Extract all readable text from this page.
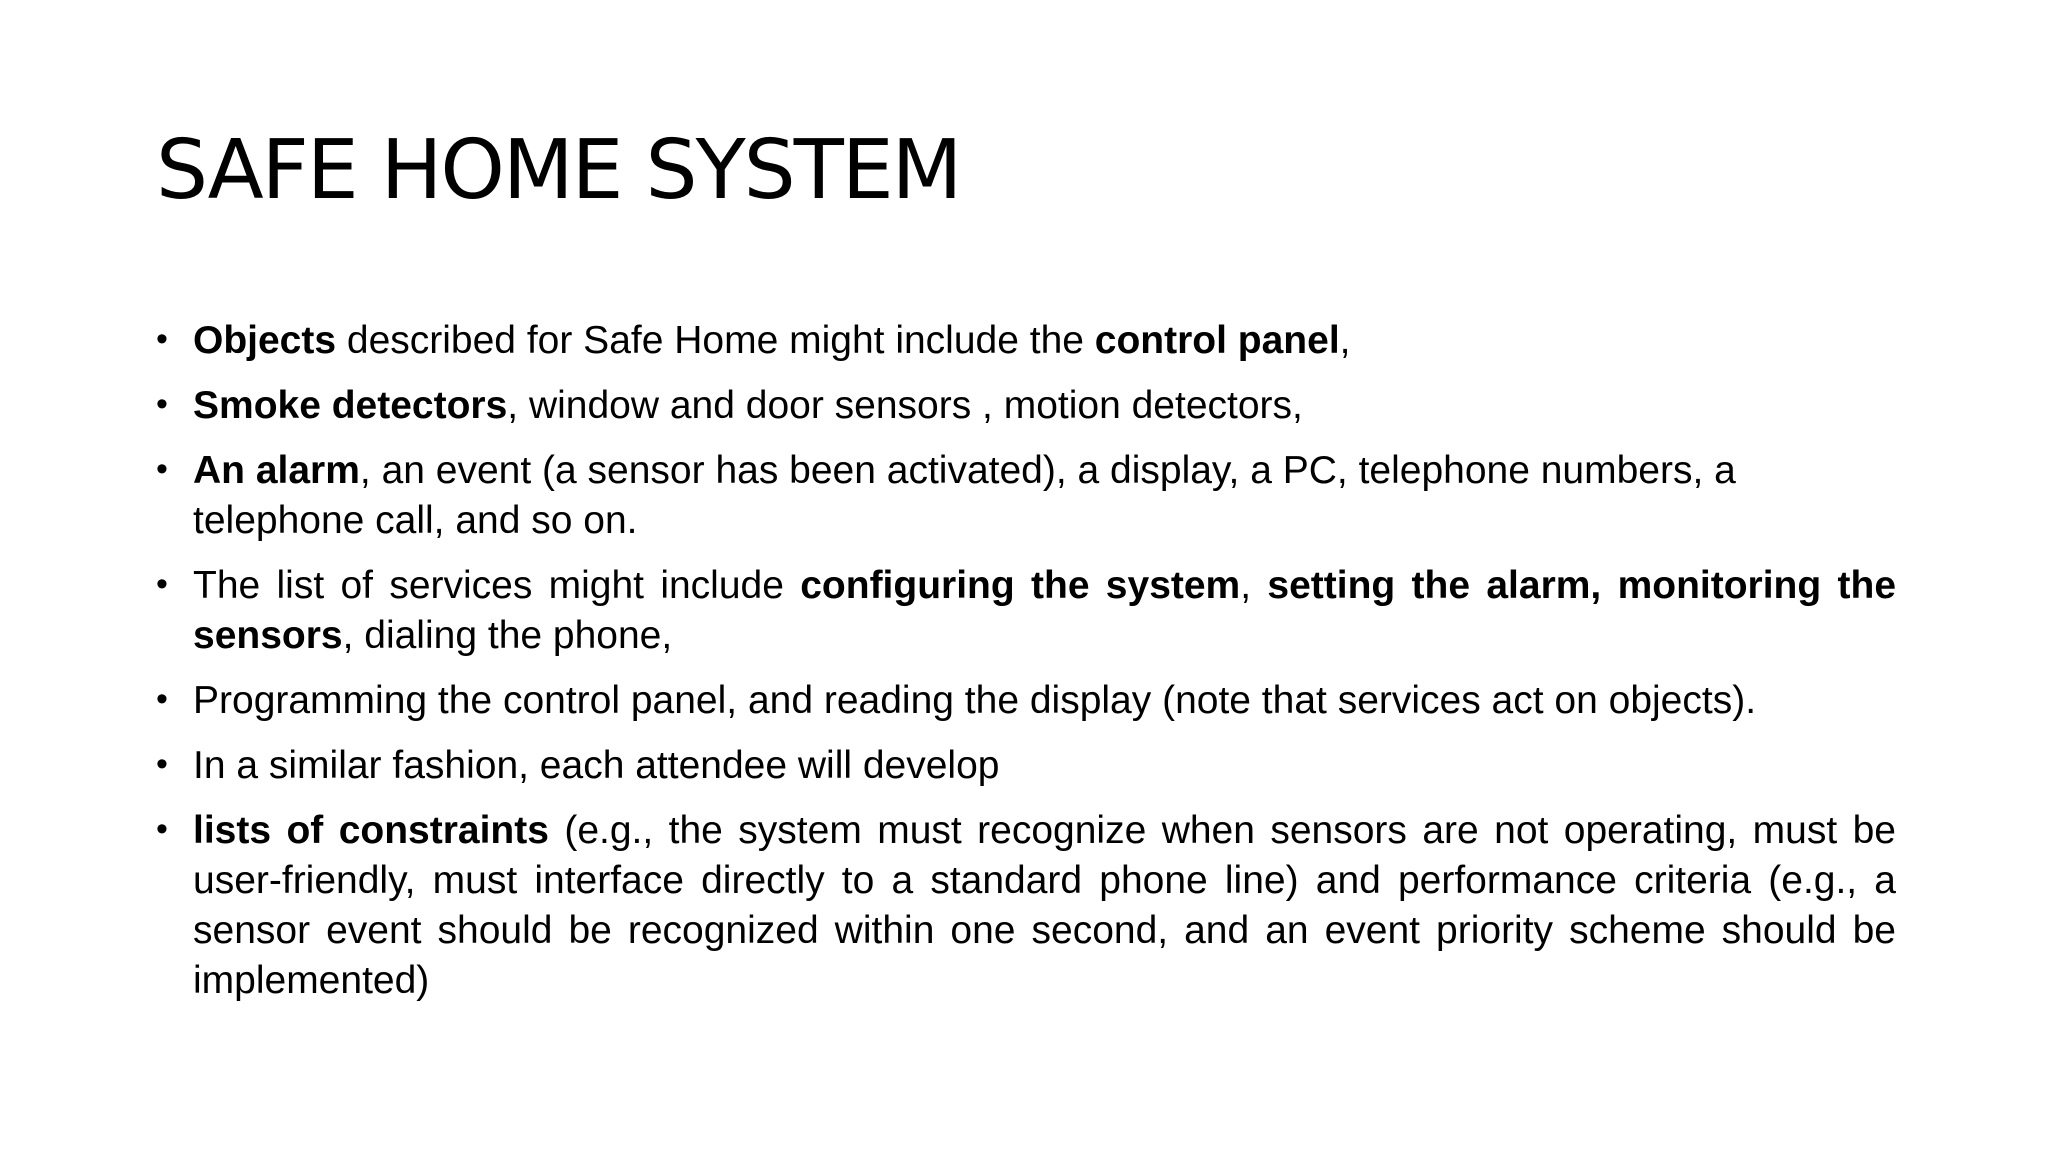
SAFE HOME SYSTEM
• Objects described for Safe Home might include the control panel,
• Smoke detectors, window and door sensors , motion detectors,
• An alarm, an event (a sensor has been activated), a display, a PC, telephone numbers, a telephone call, and so on.
• The list of services might include configuring the system, setting the alarm, monitoring the sensors, dialing the phone,
• Programming the control panel, and reading the display (note that services act on objects).
• In a similar fashion, each attendee will develop
• lists of constraints (e.g., the system must recognize when sensors are not operating, must be user-friendly, must interface directly to a standard phone line) and performance criteria (e.g., a sensor event should be recognized within one second, and an event priority scheme should be implemented)
